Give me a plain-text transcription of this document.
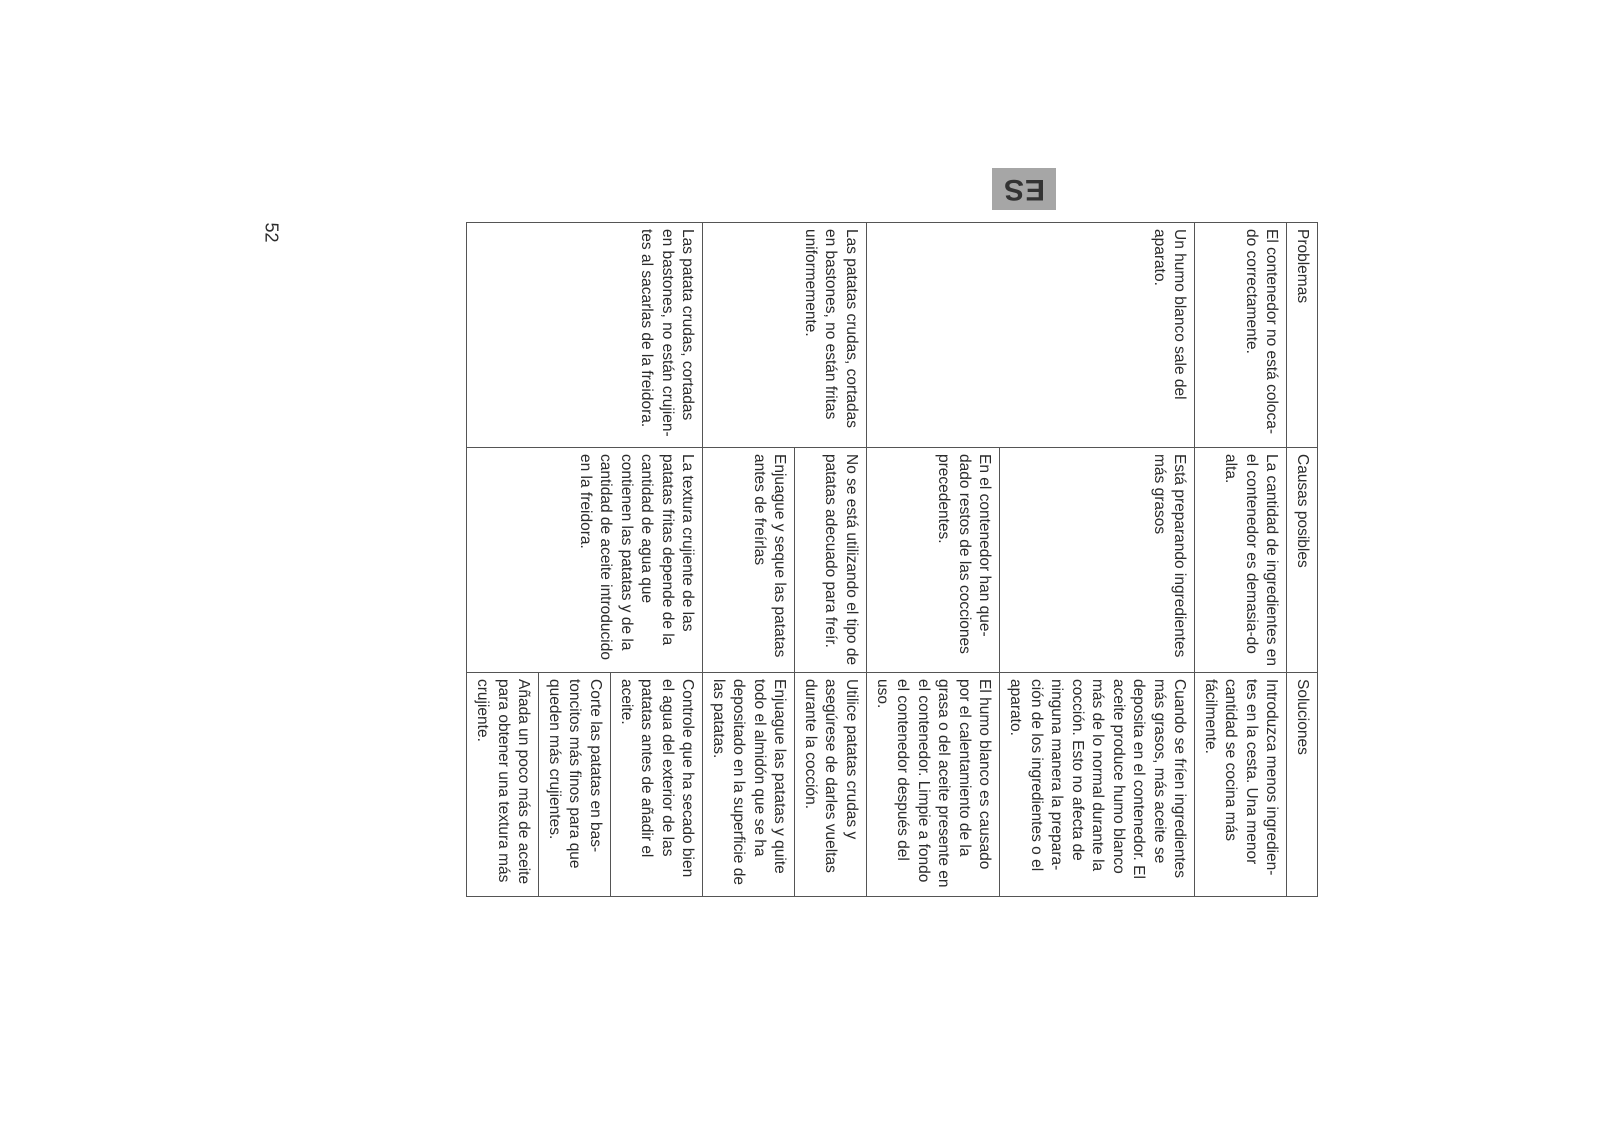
52
ES
Problemas	Causas posibles	Soluciones
El contenedor no está coloca-do correctamente.	La cantidad de ingredientes en el contenedor es demasia-do alta.	Introduzca menos ingredien-tes en la cesta. Una menor cantidad se cocina más fácilmente.
Un humo blanco sale del aparato.	Está preparando ingredientes más grasos	Cuando se fríen ingredientes más grasos, más aceite se deposita en el contenedor. El aceite produce humo blanco más de lo normal durante la cocción. Esto no afecta de ninguna manera la prepara-ción de los ingredientes o el aparato.
	En el contenedor han que-dado restos de las cocciones precedentes.	El humo blanco es causado por el calentamiento de la grasa o del aceite presente en el contenedor. Limpie a fondo el contenedor después del uso.
Las patatas crudas, cortadas en bastones, no están fritas uniformemente.	No se está utilizando el tipo de patatas adecuado para freír.	Utilice patatas crudas y asegúrese de darles vueltas durante la cocción.
	Enjuague y seque las patatas antes de freírlas	Enjuague las patatas y quite todo el almidón que se ha depositado en la superficie de las patatas.
Las patata crudas, cortadas en bastones, no están crujien-tes al sacarlas de la freidora.	La textura crujiente de las patatas fritas depende de la cantidad de agua que contienen las patatas y de la cantidad de aceite introducido en la freidora.	Controle que ha secado bien el agua del exterior de las patatas antes de añadir el aceite.
		Corte las patatas en bas-toncitos más finos para que queden más crujientes.
		Añada un poco más de aceite para obtener una textura más crujiente.
